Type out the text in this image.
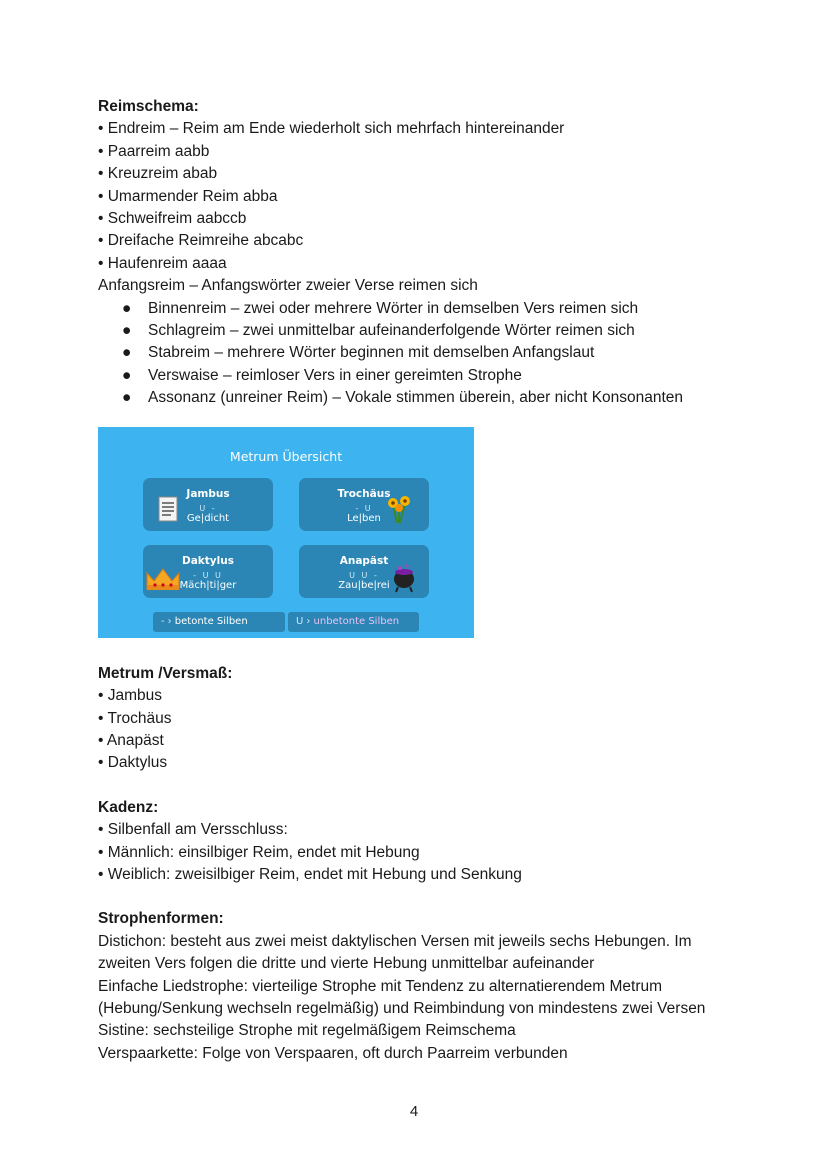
Reimschema:
• Endreim – Reim am Ende wiederholt sich mehrfach hintereinander
• Paarreim aabb
• Kreuzreim abab
• Umarmender Reim abba
• Schweifreim aabccb
• Dreifache Reimreihe abcabc
• Haufenreim aaaa
Anfangsreim – Anfangswörter zweier Verse reimen sich
● Binnenreim – zwei oder mehrere Wörter in demselben Vers reimen sich
● Schlagreim – zwei unmittelbar aufeinanderfolgende Wörter reimen sich
● Stabreim – mehrere Wörter beginnen mit demselben Anfangslaut
● Verswaise – reimloser Vers in einer gereimten Strophe
● Assonanz (unreiner Reim) – Vokale stimmen überein, aber nicht Konsonanten
Metrum Übersicht
Jambus
U -
Ge|dicht
Trochäus
- U
Le|ben
Daktylus
- U U
Mäch|ti|ger
Anapäst
U U -
Zau|be|rei
- › betonte Silben	U › unbetonte Silben
Metrum /Versmaß:
• Jambus
• Trochäus
• Anapäst
• Daktylus
Kadenz:
• Silbenfall am Versschluss:
• Männlich: einsilbiger Reim, endet mit Hebung
• Weiblich: zweisilbiger Reim, endet mit Hebung und Senkung
Strophenformen:
Distichon: besteht aus zwei meist daktylischen Versen mit jeweils sechs Hebungen. Im zweiten Vers folgen die dritte und vierte Hebung unmittelbar aufeinander
Einfache Liedstrophe: vierteilige Strophe mit Tendenz zu alternatierendem Metrum (Hebung/Senkung wechseln regelmäßig) und Reimbindung von mindestens zwei Versen
Sistine: sechsteilige Strophe mit regelmäßigem Reimschema
Verspaarkette: Folge von Verspaaren, oft durch Paarreim verbunden
4
